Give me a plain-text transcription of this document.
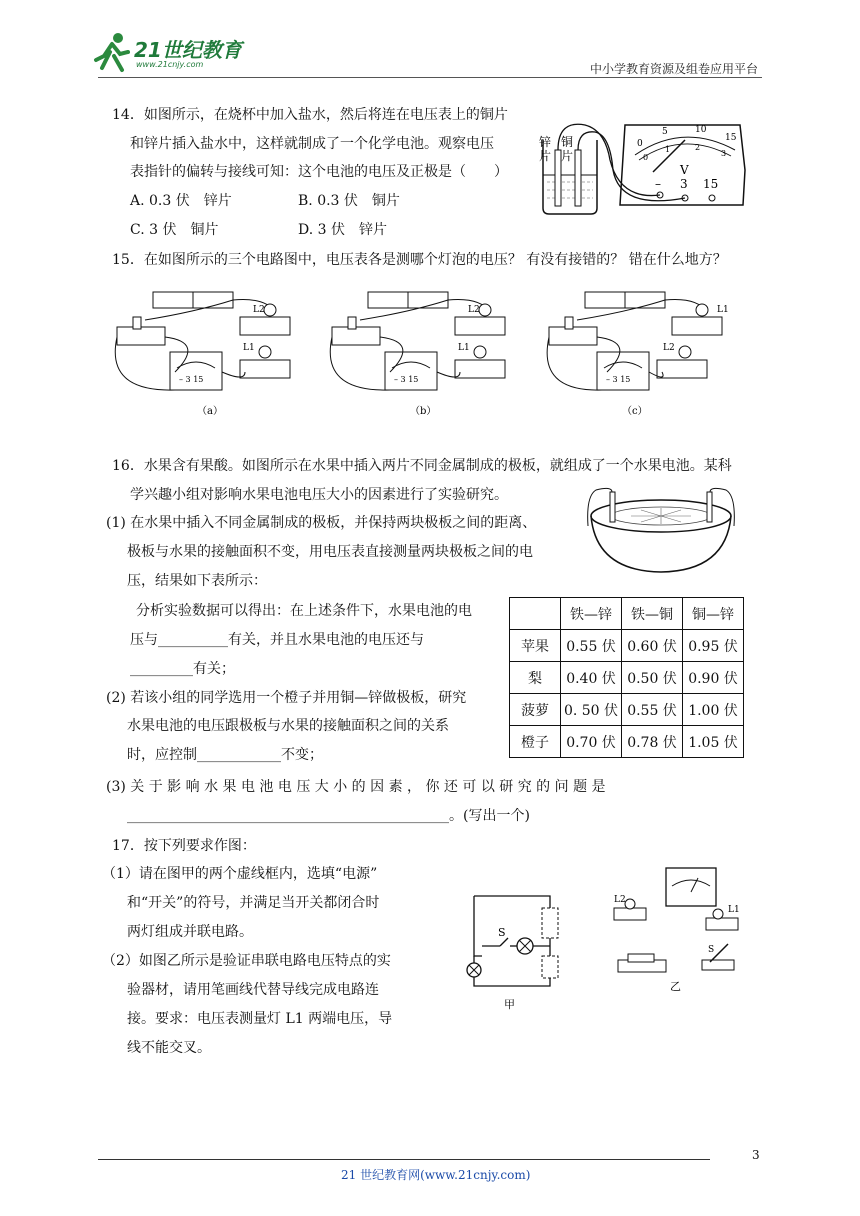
21世纪教育
www.21cnjy.com	中小学教育资源及组卷应用平台
14．如图所示，在烧杯中加入盐水，然后将连在电压表上的铜片
和锌片插入盐水中，这样就制成了一个化学电池。观察电压
表指针的偏转与接线可知：这个电池的电压及正极是（　　）
A. 0.3 伏　锌片	B. 0.3 伏　铜片
C. 3 伏　铜片	D. 3 伏　锌片
锌
片
铜
片
0
5	10
15
0
1	2
3
V
– 3 15
15．在如图所示的三个电路图中，电压表各是测哪个灯泡的电压？ 有没有接错的？ 错在什么地方？
L2
L1
– 3 15
（a）
L2
L1
– 3 15
（b）
L1
L2
– 3 15
（c）
16．水果含有果酸。如图所示在水果中插入两片不同金属制成的极板，就组成了一个水果电池。某科
学兴趣小组对影响水果电池电压大小的因素进行了实验研究。
(1) 在水果中插入不同金属制成的极板，并保持两块极板之间的距离、
极板与水果的接触面积不变，用电压表直接测量两块极板之间的电
压，结果如下表所示：
分析实验数据可以得出：在上述条件下，水果电池的电
压与__________有关，并且水果电池的电压还与
_________有关；
(2) 若该小组的同学选用一个橙子并用铜—锌做极板，研究
水果电池的电压跟极板与水果的接触面积之间的关系
时，应控制____________不变；
(3) 关 于 影 响 水 果 电 池 电 压 大 小 的 因 素 ， 你 还 可 以 研 究 的 问 题 是
______________________________________________。(写出一个)
	铁—锌	铁—铜	铜—锌
苹果	0.55 伏	0.60 伏	0.95 伏
梨	0.40 伏	0.50 伏	0.90 伏
菠萝	0. 50 伏	0.55 伏	1.00 伏
橙子	0.70 伏	0.78 伏	1.05 伏
17．按下列要求作图：
（1）请在图甲的两个虚线框内，选填“电源”
和“开关”的符号，并满足当开关都闭合时
两灯组成并联电路。
（2）如图乙所示是验证串联电路电压特点的实
验器材，请用笔画线代替导线完成电路连
接。要求：电压表测量灯 L1 两端电压，导
线不能交叉。
S
甲
L2
L1
S
乙
3
21 世纪教育网(www.21cnjy.com)
